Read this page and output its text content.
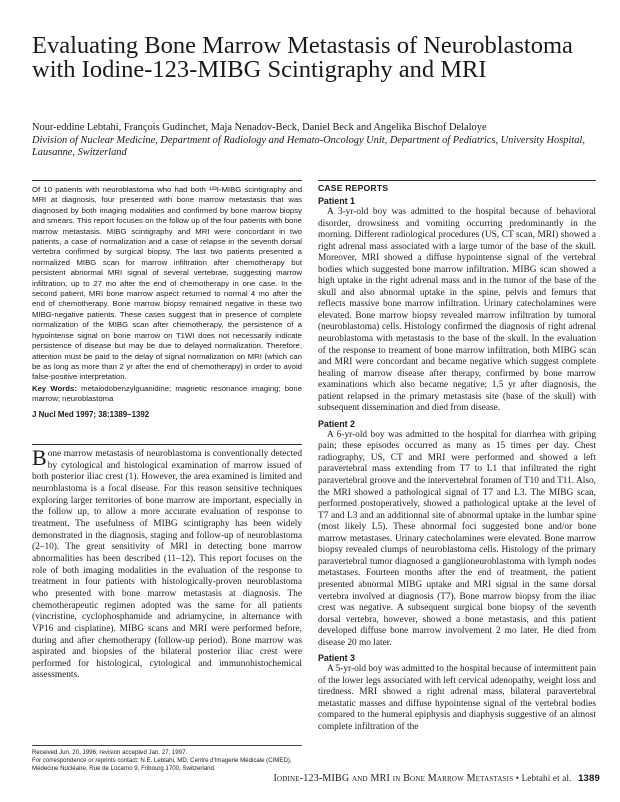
Evaluating Bone Marrow Metastasis of Neuroblastoma with Iodine-123-MIBG Scintigraphy and MRI
Nour-eddine Lebtahi, François Gudinchet, Maja Nenadov-Beck, Daniel Beck and Angelika Bischof Delaloye
Division of Nuclear Medicine, Department of Radiology and Hemato-Oncology Unit, Department of Pediatrics, University Hospital, Lausanne, Switzerland

Of 10 patients with neuroblastoma who had both ¹²³I-MIBG scintigraphy and MRI at diagnosis, four presented with bone marrow metastasis that was diagnosed by both imaging modalities and confirmed by bone marrow biopsy and smears. This report focuses on the follow up of the four patients with bone marrow metastasis. MIBG scintigraphy and MRI were concordant in two patients, a case of normalization and a case of relapse in the seventh dorsal vertebra confirmed by surgical biopsy. The last two patients presented a normalized MIBG scan for marrow infiltration after chemotherapy but persistent abnormal MRI signal of several vertebrae, suggesting marrow infiltration, up to 27 mo after the end of chemotherapy in one case. In the second patient, MRI bone marrow aspect returned to normal 4 mo after the end of chemotherapy. Bone marrow biopsy remained negative in these two MIBG-negative patients. These cases suggest that in presence of complete normalization of the MIBG scan after chemotherapy, the persistence of a hypointense signal on bone marrow on T1WI does not necessarily indicate persistence of disease but may be due to delayed normalization. Therefore, attention must be paid to the delay of signal normalization on MRI (which can be as long as more than 2 yr after the end of chemotherapy) in order to avoid false-positive interpretation.

Key Words: metaiodobenzylguanidine; magnetic resonance imaging; bone marrow; neuroblastoma

J Nucl Med 1997; 38:1389–1392

Bone marrow metastasis of neuroblastoma is conventionally detected by cytological and histological examination of marrow issued of both posterior iliac crest (1). However, the area examined is limited and neuroblastoma is a focal disease. For this reason sensitive techniques exploring larger territories of bone marrow are important, especially in the follow up, to allow a more accurate evaluation of response to treatment. The usefulness of MIBG scintigraphy has been widely demonstrated in the diagnosis, staging and follow-up of neuroblastoma (2–10). The great sensitivity of MRI in detecting bone marrow abnormalities has been described (11–12). This report focuses on the role of both imaging modalities in the evaluation of the response to treatment in four patients with histologically-proven neuroblastoma who presented with bone marrow metastasis at diagnosis. The chemotherapeutic regimen adopted was the same for all patients (vincristine, cyclophosphamide and adriamycine, in alternance with VP16 and cisplatine). MIBG scans and MRI were performed before, during and after chemotherapy (follow-up period). Bone marrow was aspirated and biopsies of the bilateral posterior iliac crest were performed for histological, cytological and immunohistochemical assessments.

Received Jun. 20, 1996; revision accepted Jan. 27, 1997.

For correspondence or reprints contact: N.E. Lebtahi, MD, Centre d'Imagerie Médicale (CIMED), Médecine Nucléaire, Rue de Locarno 9, Fribourg 1700, Switzerland.

CASE REPORTS
Patient 1

A 3-yr-old boy was admitted to the hospital because of behavioral disorder, drowsiness and vomiting occurring predominantly in the morning. Different radiological procedures (US, CT scan, MRI) showed a right adrenal mass associated with a large tumor of the base of the skull. Moreover, MRI showed a diffuse hypointense signal of the vertebral bodies which suggested bone marrow infiltration. MIBG scan showed a high uptake in the right adrenal mass and in the tumor of the base of the skull and also abnormal uptake in the spine, pelvis and femurs that reflects massive bone marrow infiltration. Urinary catecholamines were elevated. Bone marrow biopsy revealed marrow infiltration by tumoral (neuroblastoma) cells. Histology confirmed the diagnosis of right adrenal neuroblastoma with metastasis to the base of the skull. In the evaluation of the response to treament of bone marrow infiltration, both MIBG scan and MRI were concordant and became negative which suggest complete healing of marrow disease after therapy, confirmed by bone marrow examinations which also became negative; 1.5 yr after diagnosis, the patient relapsed in the primary metastasis site (base of the skull) with subsequent dissemination and died from disease.

Patient 2

A 6-yr-old boy was admitted to the hospital for diarrhea with griping pain; these episodes occurred as many as 15 times per day. Chest radiography, US, CT and MRI were performed and showed a left paravertebral mass extending from T7 to L1 that infiltrated the right paravertebral groove and the intervertebral foramen of T10 and T11. Also, the MRI showed a pathological signal of T7 and L3. The MIBG scan, performed postoperatively, showed a pathological uptake at the level of T7 and L3 and an additionnal site of abnormal uptake in the lumbar spine (most likely L5). These abnormal foci suggested bone and/or bone marrow metastases. Urinary catecholamines were elevated. Bone marrow biopsy revealed clumps of neuroblastoma cells. Histology of the primary paravertebral tumor diagnosed a ganglioneuroblastoma with lymph nodes metastases. Fourteen months after the end of treatment, the patient presented abnormal MIBG uptake and MRI signal in the same dorsal vertebra involved at diagnosis (T7). Bone marrow biopsy from the iliac crest was negative. A subsequent surgical bone biopsy of the seventh dorsal vertebra, however, showed a bone metastasis, and this patient developed diffuse bone marrow involvement 2 mo later. He died from disease 20 mo later.

Patient 3

A 5-yr-old boy was admitted to the hospital because of intermittent pain of the lower legs associated with left cervical adenopathy, weight loss and tiredness. MRI showed a right adrenal mass, bilateral paravertebral metastatic masses and diffuse hypointense signal of the vertebral bodies compared to the humeral epiphysis and diaphysis suggestive of an almost complete infiltration of the

Iodine-123-MIBG and MRI in Bone Marrow Metastasis • Lebtahi et al. 1389
